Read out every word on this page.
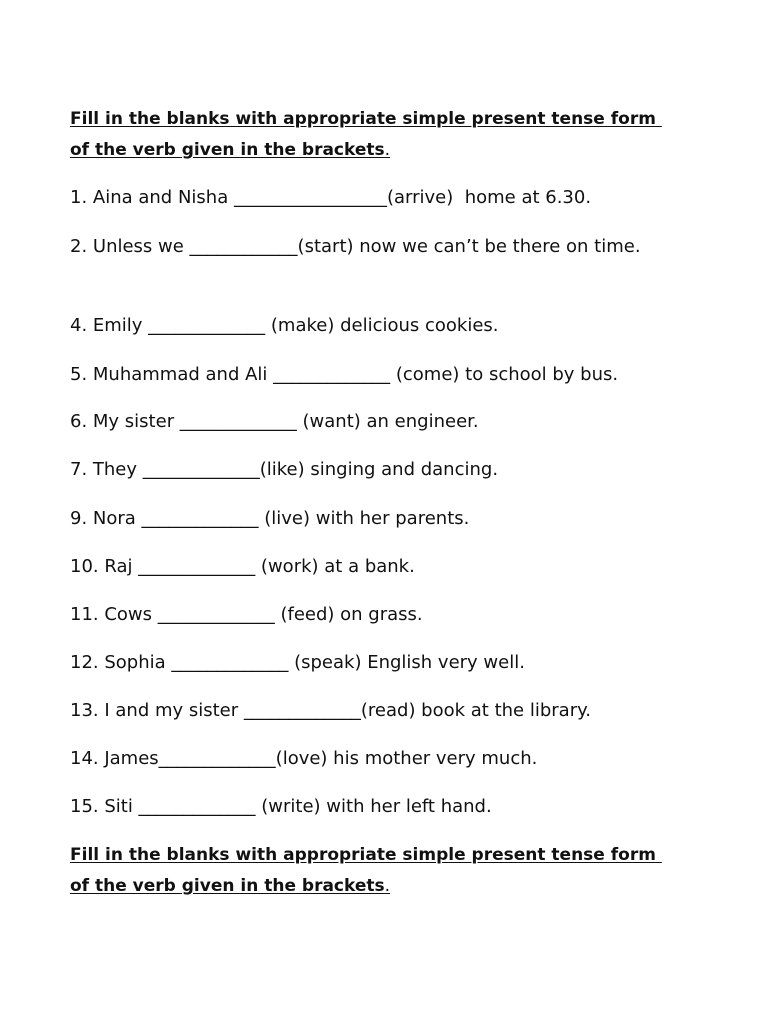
Fill in the blanks with appropriate simple present tense form
of the verb given in the brackets.
1. Aina and Nisha _________________(arrive)  home at 6.30.
2. Unless we ____________(start) now we can’t be there on time.
4. Emily _____________ (make) delicious cookies.
5. Muhammad and Ali _____________ (come) to school by bus.
6. My sister _____________ (want) an engineer.
7. They _____________(like) singing and dancing.
9. Nora _____________ (live) with her parents.
10. Raj _____________ (work) at a bank.
11. Cows _____________ (feed) on grass.
12. Sophia _____________ (speak) English very well.
13. I and my sister _____________(read) book at the library.
14. James_____________(love) his mother very much.
15. Siti _____________ (write) with her left hand.
Fill in the blanks with appropriate simple present tense form
of the verb given in the brackets.
